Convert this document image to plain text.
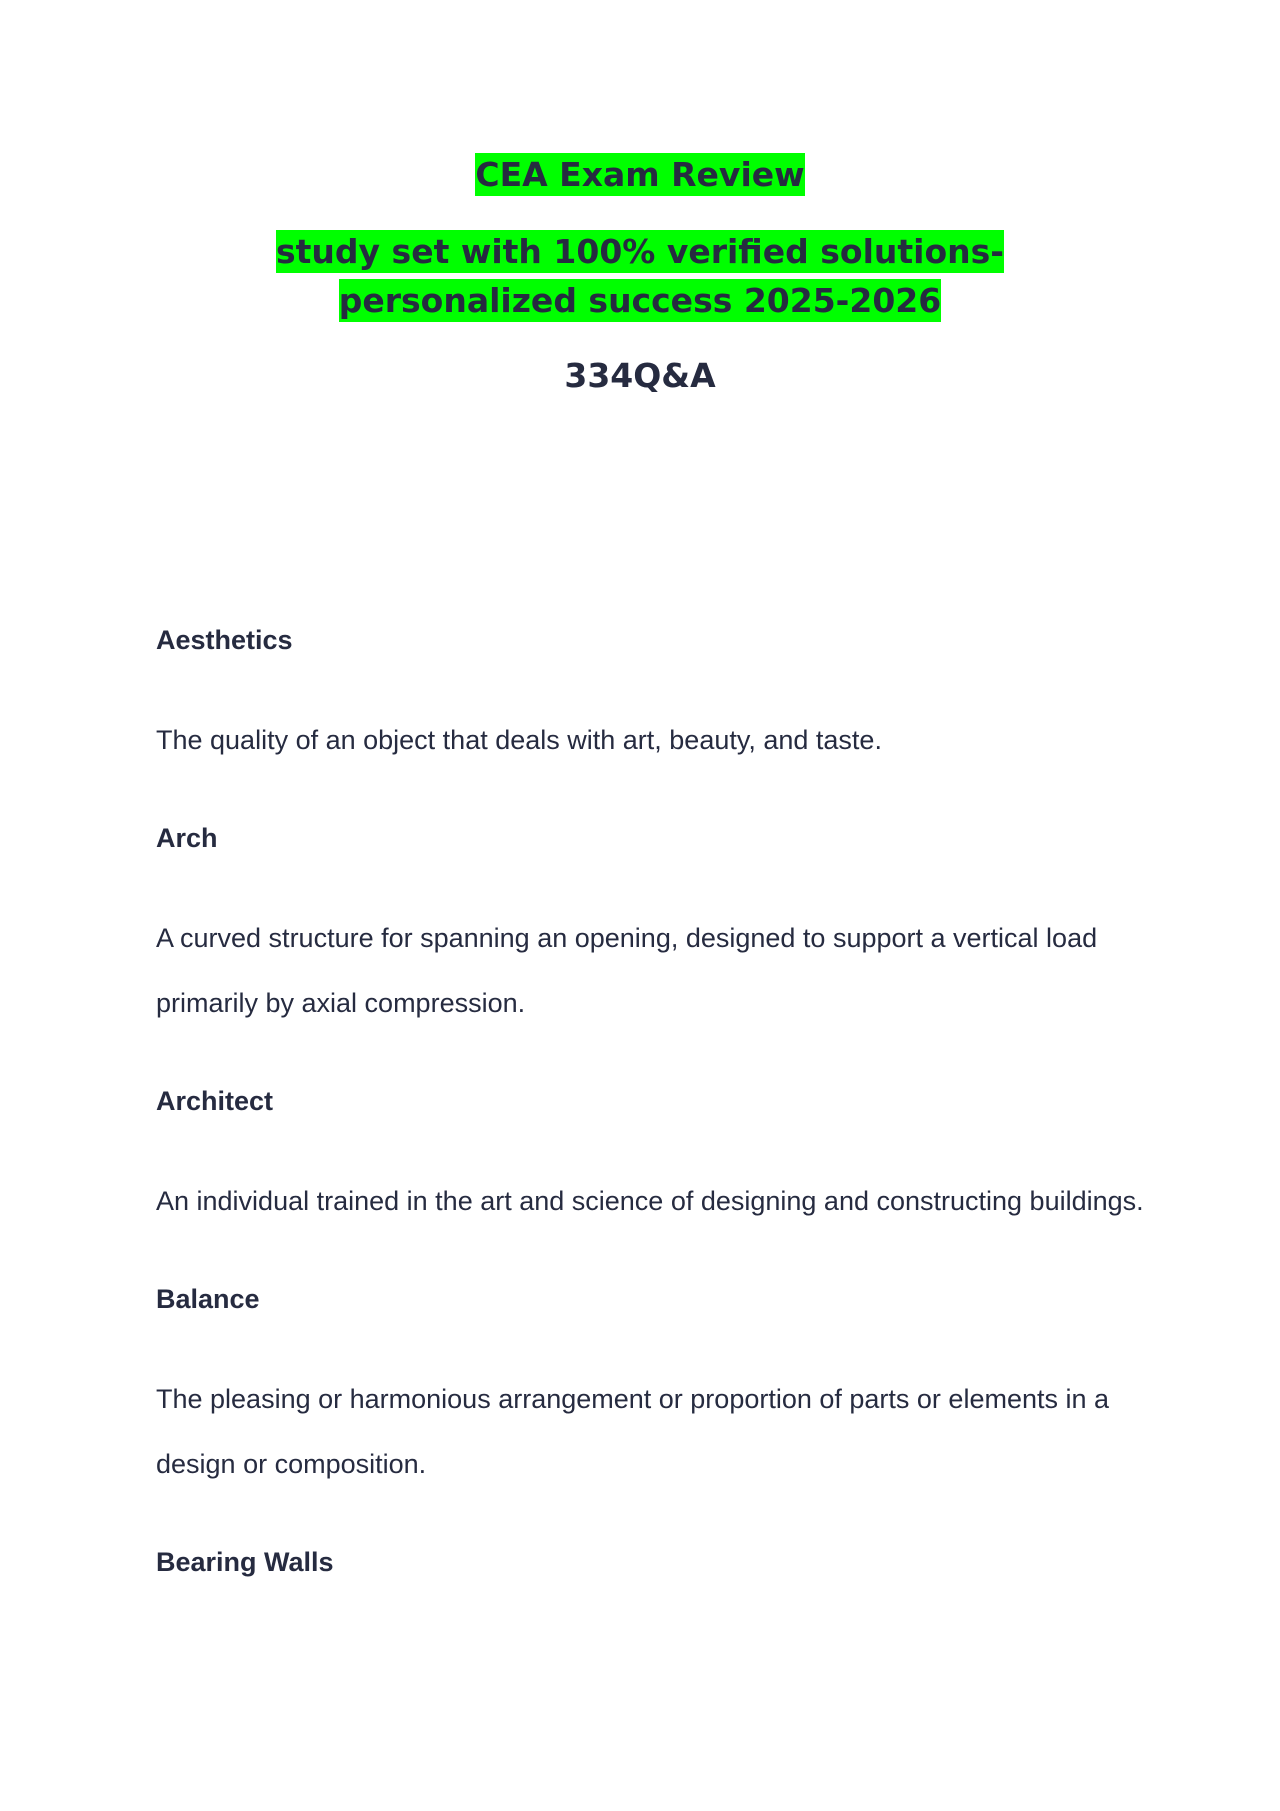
CEA Exam Review

study set with 100% verified solutions-personalized success 2025-2026

334Q&A

Aesthetics

The quality of an object that deals with art, beauty, and taste.

Arch

A curved structure for spanning an opening, designed to support a vertical load primarily by axial compression.

Architect

An individual trained in the art and science of designing and constructing buildings.

Balance

The pleasing or harmonious arrangement or proportion of parts or elements in a design or composition.

Bearing Walls
